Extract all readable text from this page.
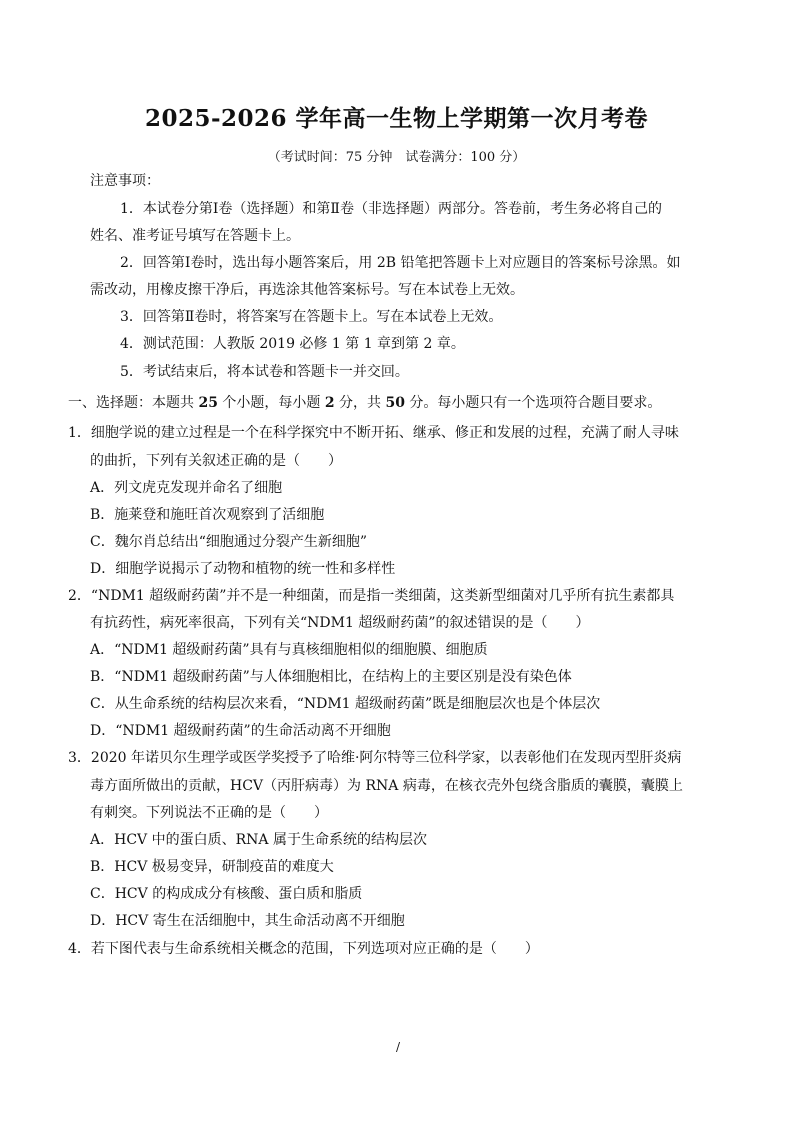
2025-2026 学年高一生物上学期第一次月考卷
（考试时间：75 分钟　试卷满分：100 分）
注意事项：
1．本试卷分第Ⅰ卷（选择题）和第Ⅱ卷（非选择题）两部分。答卷前，考生务必将自己的
姓名、准考证号填写在答题卡上。
2．回答第Ⅰ卷时，选出每小题答案后，用 2B 铅笔把答题卡上对应题目的答案标号涂黑。如
需改动，用橡皮擦干净后，再选涂其他答案标号。写在本试卷上无效。
3．回答第Ⅱ卷时，将答案写在答题卡上。写在本试卷上无效。
4．测试范围：人教版 2019 必修 1 第 1 章到第 2 章。
5．考试结束后，将本试卷和答题卡一并交回。
一、选择题：本题共 25 个小题，每小题 2 分，共 50 分。每小题只有一个选项符合题目要求。
1．细胞学说的建立过程是一个在科学探究中不断开拓、继承、修正和发展的过程，充满了耐人寻味
的曲折，下列有关叙述正确的是（　　）
A．列文虎克发现并命名了细胞
B．施莱登和施旺首次观察到了活细胞
C．魏尔肖总结出“细胞通过分裂产生新细胞”
D．细胞学说揭示了动物和植物的统一性和多样性
2．“NDM1 超级耐药菌”并不是一种细菌，而是指一类细菌，这类新型细菌对几乎所有抗生素都具
有抗药性，病死率很高，下列有关“NDM1 超级耐药菌”的叙述错误的是（　　）
A．“NDM1 超级耐药菌”具有与真核细胞相似的细胞膜、细胞质
B．“NDM1 超级耐药菌”与人体细胞相比，在结构上的主要区别是没有染色体
C．从生命系统的结构层次来看，“NDM1 超级耐药菌”既是细胞层次也是个体层次
D．“NDM1 超级耐药菌”的生命活动离不开细胞
3．2020 年诺贝尔生理学或医学奖授予了哈维·阿尔特等三位科学家，以表彰他们在发现丙型肝炎病
毒方面所做出的贡献，HCV（丙肝病毒）为 RNA 病毒，在核衣壳外包绕含脂质的囊膜，囊膜上
有刺突。下列说法不正确的是（　　）
A．HCV 中的蛋白质、RNA 属于生命系统的结构层次
B．HCV 极易变异，研制疫苗的难度大
C．HCV 的构成成分有核酸、蛋白质和脂质
D．HCV 寄生在活细胞中，其生命活动离不开细胞
4．若下图代表与生命系统相关概念的范围，下列选项对应正确的是（　　）
/
